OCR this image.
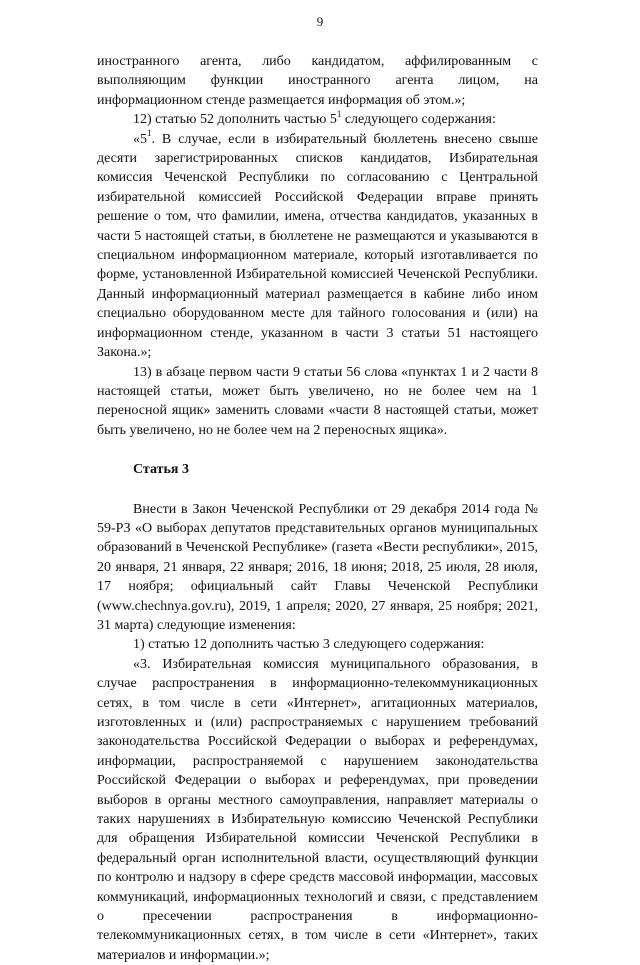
9

иностранного агента, либо кандидатом, аффилированным с выполняющим функции иностранного агента лицом, на информационном стенде размещается информация об этом.»;

12) статью 52 дополнить частью $5^1$ следующего содержания:

«$5^1$. В случае, если в избирательный бюллетень внесено свыше десяти зарегистрированных списков кандидатов, Избирательная комиссия Чеченской Республики по согласованию с Центральной избирательной комиссией Российской Федерации вправе принять решение о том, что фамилии, имена, отчества кандидатов, указанных в части 5 настоящей статьи, в бюллетене не размещаются и указываются в специальном информационном материале, который изготавливается по форме, установленной Избирательной комиссией Чеченской Республики. Данный информационный материал размещается в кабине либо ином специально оборудованном месте для тайного голосования и (или) на информационном стенде, указанном в части 3 статьи 51 настоящего Закона.»;

13) в абзаце первом части 9 статьи 56 слова «пунктах 1 и 2 части 8 настоящей статьи, может быть увеличено, но не более чем на 1 переносной ящик» заменить словами «части 8 настоящей статьи, может быть увеличено, но не более чем на 2 переносных ящика».

Статья 3

Внести в Закон Чеченской Республики от 29 декабря 2014 года № 59-РЗ «О выборах депутатов представительных органов муниципальных образований в Чеченской Республике» (газета «Вести республики», 2015, 20 января, 21 января, 22 января; 2016, 18 июня; 2018, 25 июля, 28 июля, 17 ноября; официальный сайт Главы Чеченской Республики (www.chechnya.gov.ru), 2019, 1 апреля; 2020, 27 января, 25 ноября; 2021, 31 марта) следующие изменения:

1) статью 12 дополнить частью 3 следующего содержания:

«3. Избирательная комиссия муниципального образования, в случае распространения в информационно-телекоммуникационных сетях, в том числе в сети «Интернет», агитационных материалов, изготовленных и (или) распространяемых с нарушением требований законодательства Российской Федерации о выборах и референдумах, информации, распространяемой с нарушением законодательства Российской Федерации о выборах и референдумах, при проведении выборов в органы местного самоуправления, направляет материалы о таких нарушениях в Избирательную комиссию Чеченской Республики для обращения Избирательной комиссии Чеченской Республики в федеральный орган исполнительной власти, осуществляющий функции по контролю и надзору в сфере средств массовой информации, массовых коммуникаций, информационных технологий и связи, с представлением о пресечении распространения в информационно-телекоммуникационных сетях, в том числе в сети «Интернет», таких материалов и информации.»;
